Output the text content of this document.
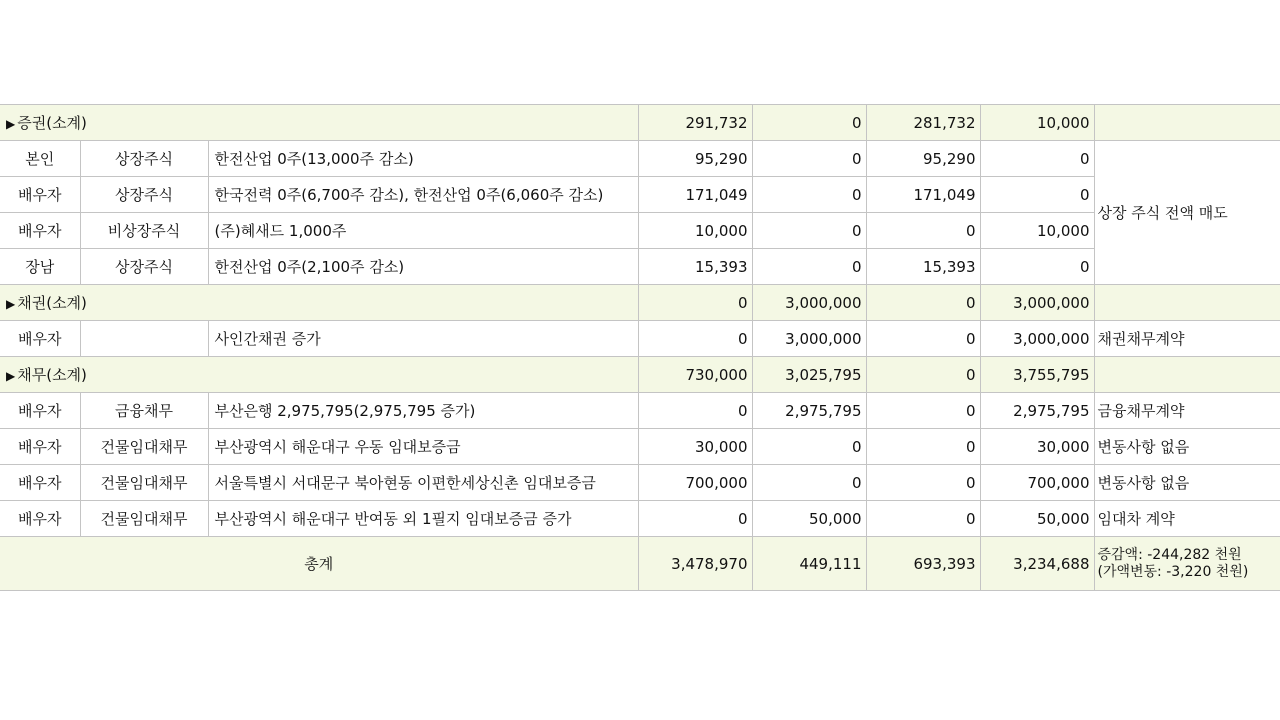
▶ 증권(소계)			291,732	0	281,732	10,000	
본인	상장주식	한전산업 0주(13,000주 감소)	95,290	0	95,290	0	상장 주식 전액 매도
배우자	상장주식	한국전력 0주(6,700주 감소), 한전산업 0주(6,060주 감소)	171,049	0	171,049	0	
배우자	비상장주식	(주)혜새드 1,000주	10,000	0	0	10,000	
장남	상장주식	한전산업 0주(2,100주 감소)	15,393	0	15,393	0	
▶ 채권(소계)			0	3,000,000	0	3,000,000	
배우자		사인간채권 증가	0	3,000,000	0	3,000,000	채권채무계약
▶ 채무(소계)			730,000	3,025,795	0	3,755,795	
배우자	금융채무	부산은행 2,975,795(2,975,795 증가)	0	2,975,795	0	2,975,795	금융채무계약
배우자	건물임대채무	부산광역시 해운대구 우동 임대보증금	30,000	0	0	30,000	변동사항 없음
배우자	건물임대채무	서울특별시 서대문구 북아현동 이편한세상신촌 임대보증금	700,000	0	0	700,000	변동사항 없음
배우자	건물임대채무	부산광역시 해운대구 반여동 외 1필지 임대보증금 증가	0	50,000	0	50,000	임대차 계약
총계			3,478,970	449,111	693,393	3,234,688	증감액: -244,282 천원
(가액변동: -3,220 천원)
